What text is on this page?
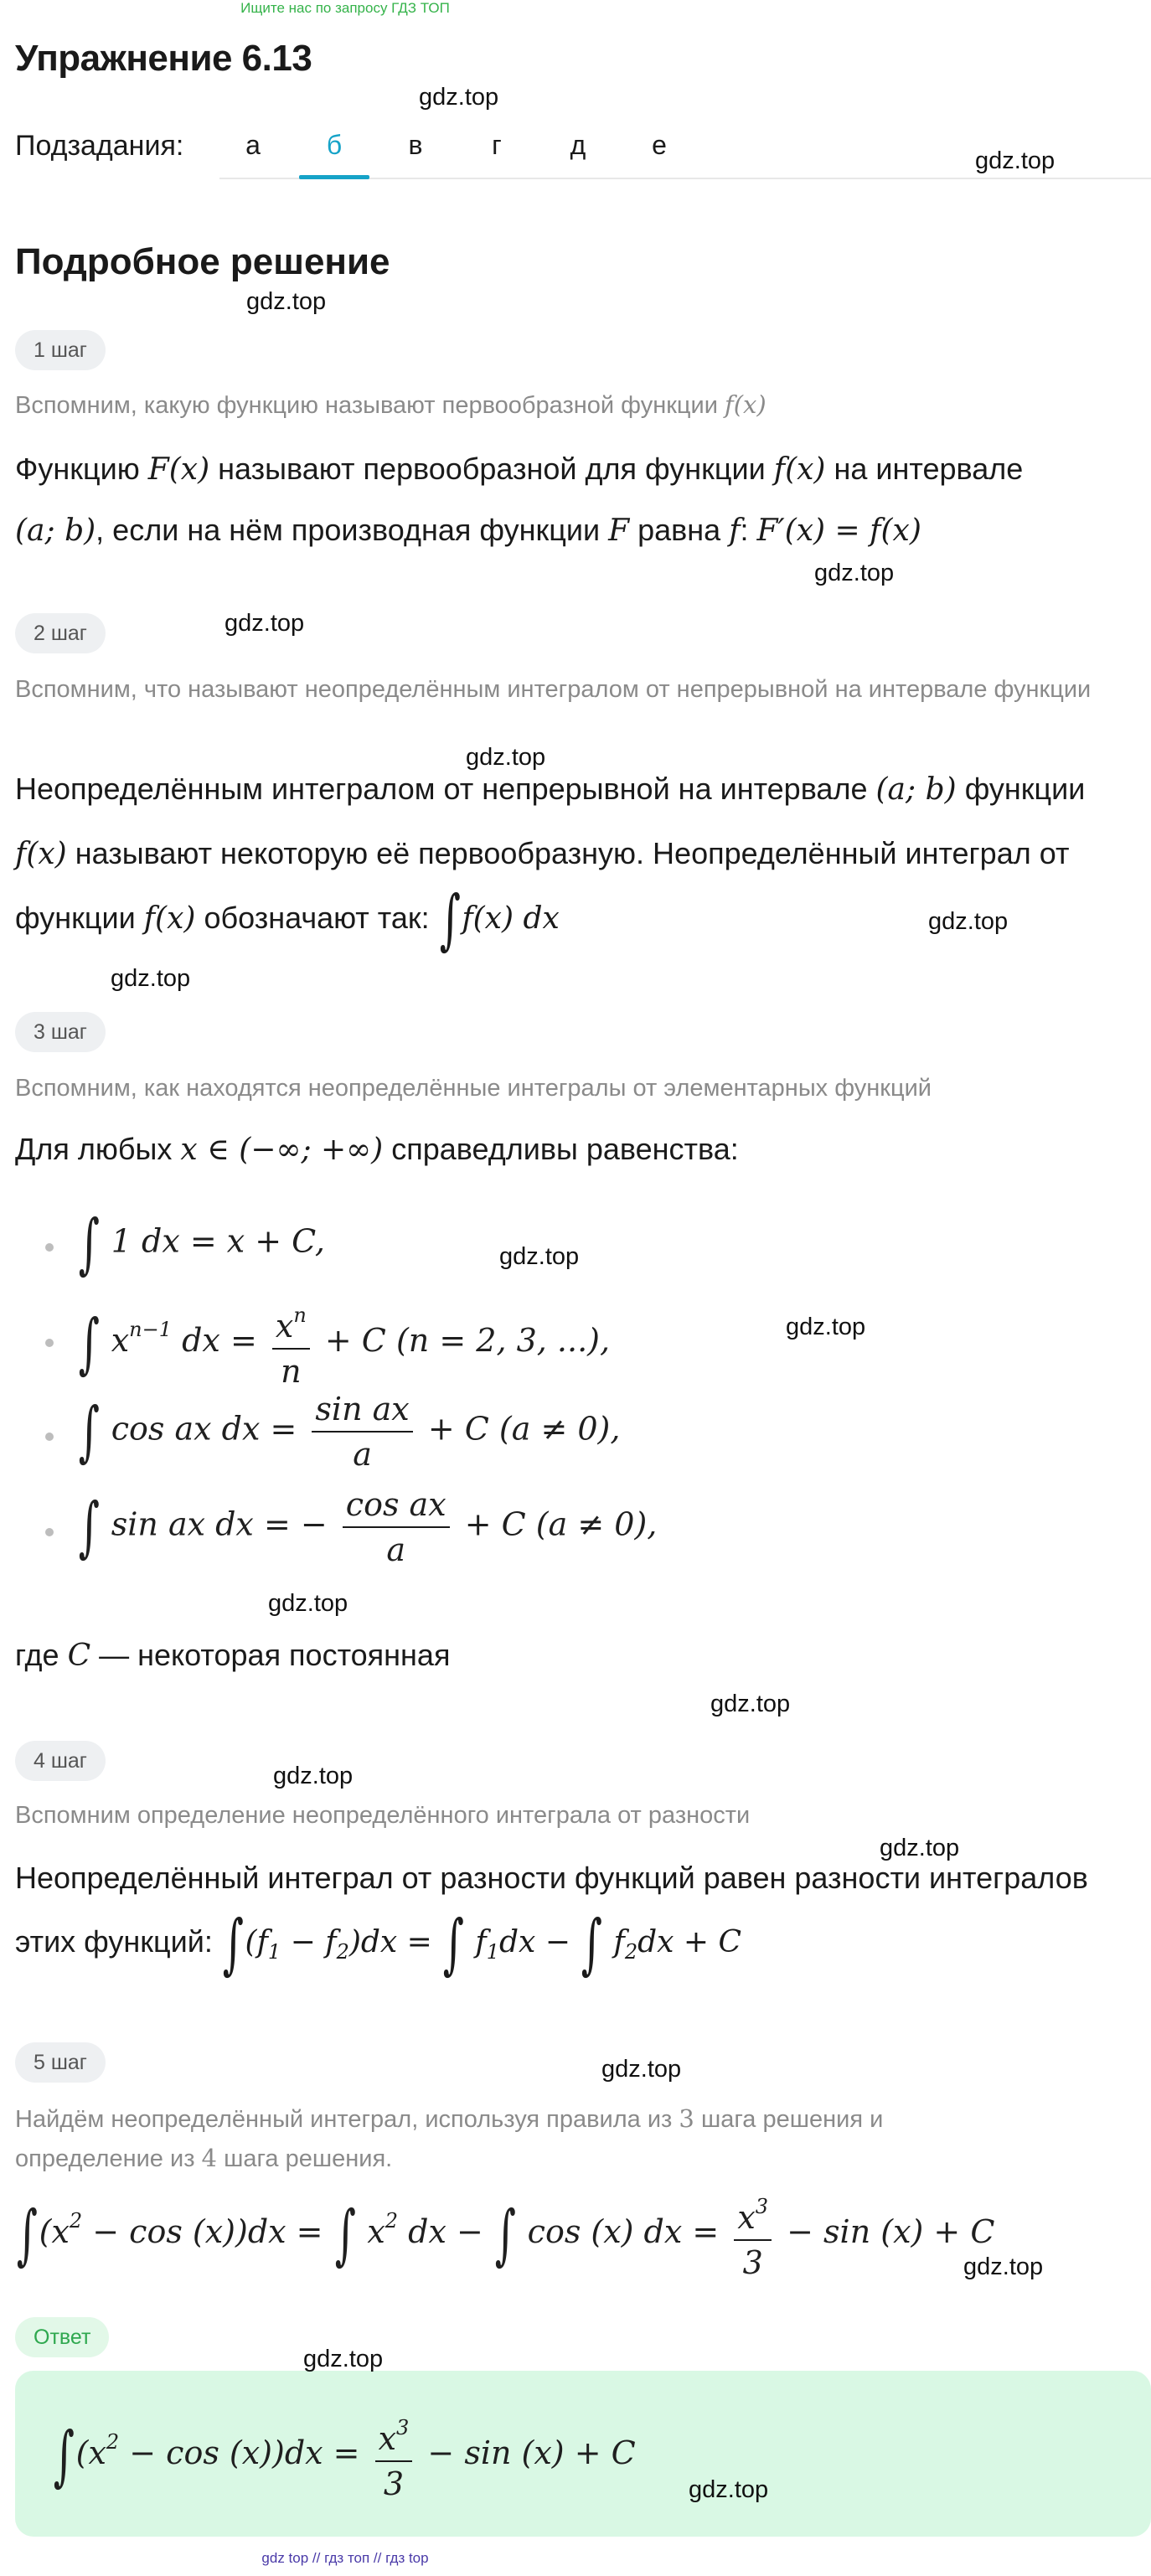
Ищите нас по запросу ГДЗ ТОП
Упражнение 6.13
Подзадания:	а	б	в	г	д	е
Подробное решение
1 шаг
Вспомним, какую функцию называют первообразной функции f(x)
Функцию F(x) называют первообразной для функции f(x) на интервале
(a; b), если на нём производная функции F равна f: F′(x) = f(x)
2 шаг
Вспомним, что называют неопределённым интегралом от непрерывной на интервале функции
Неопределённым интегралом от непрерывной на интервале (a; b) функции
f(x) называют некоторую её первообразную. Неопределённый интеграл от
функции f(x) обозначают так: ∫f(x) dx
3 шаг
Вспомним, как находятся неопределённые интегралы от элементарных функций
Для любых x ∈ (−∞; +∞) справедливы равенства:
∫ 1 dx = x + C,
∫ $x^{n-1}$ dx = $\frac{x^n}{n} + C$ (n = 2, 3, ...),
∫ cos ax dx = $\frac{\text{sin ax}}{a} + C$ (a ≠ 0),
∫ sin ax dx = − $\frac{\text{cos ax}}{a} + C$ (a ≠ 0),
где C — некоторая постоянная
4 шаг
Вспомним определение неопределённого интеграла от разности
Неопределённый интеграл от разности функций равен разности интегралов
этих функций: $\int(f_1 - f_2)dx$ = ∫ $f_1dx$ − ∫ $f_2dx + C$
5 шаг
Найдём неопределённый интеграл, используя правила из 3 шага решения и
определение из 4 шага решения.
$\int(x^2 - \cos (x))dx$ = ∫ $x^2$ dx − ∫ cos (x) dx = $\frac{x^3}{3} - \sin (x) + C$
Ответ
$\int(x^2 - \cos (x))dx = \frac{x^3}{3} - \sin (x) + C$
gdz.top
gdz.top
gdz.top
gdz.top
gdz.top
gdz.top
gdz.top
gdz.top
gdz.top
gdz.top
gdz.top
gdz.top
gdz.top
gdz.top
gdz.top
gdz.top
gdz.top
gdz.top
gdz top // гдз топ // гдз top
